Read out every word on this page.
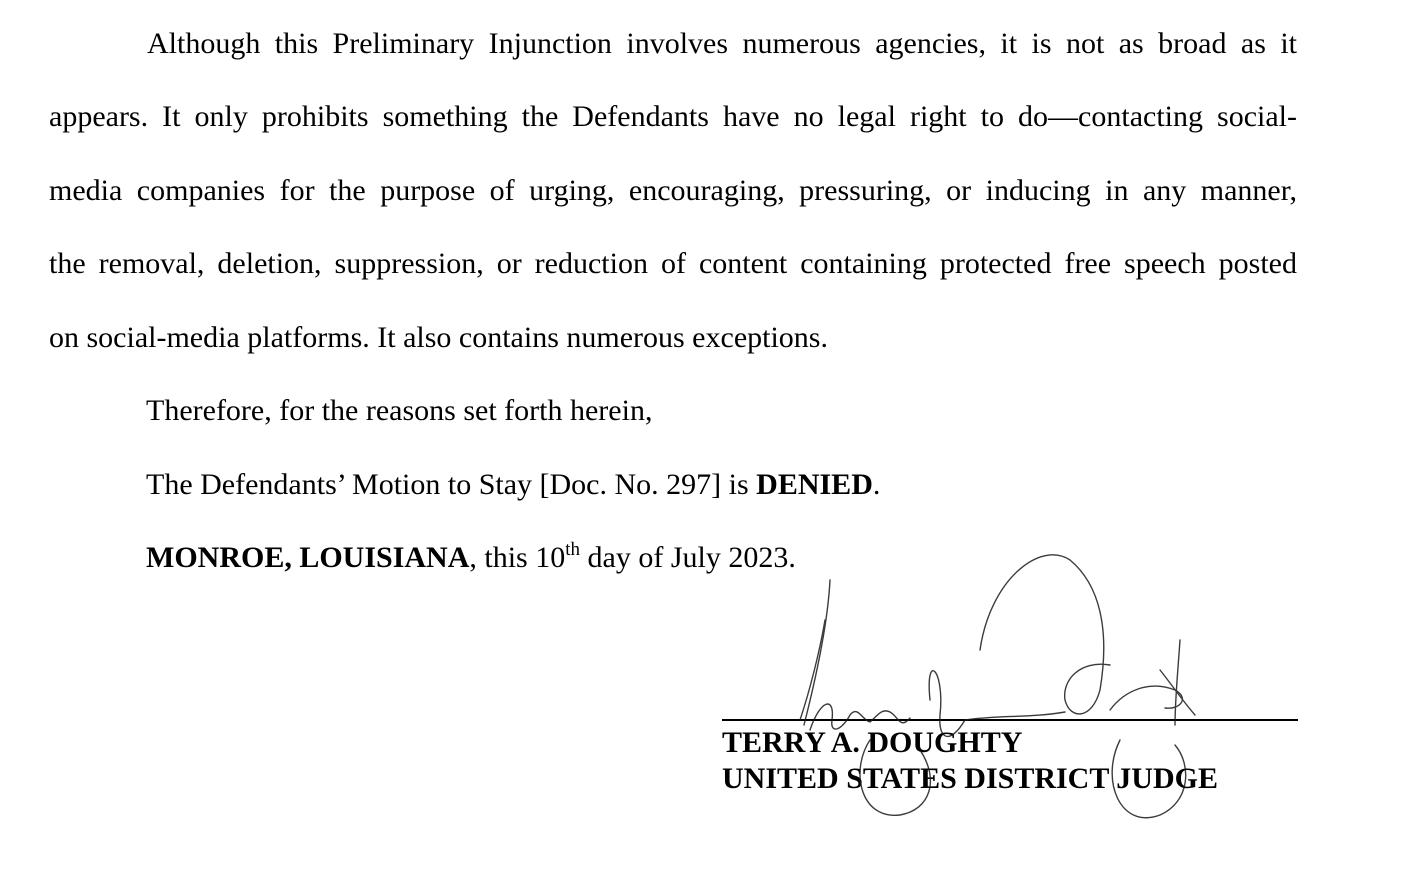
Although this Preliminary Injunction involves numerous agencies, it is not as broad as it
appears. It only prohibits something the Defendants have no legal right to do—contacting social-
media companies for the purpose of urging, encouraging, pressuring, or inducing in any manner,
the removal, deletion, suppression, or reduction of content containing protected free speech posted
on social-media platforms. It also contains numerous exceptions.
Therefore, for the reasons set forth herein,
The Defendants’ Motion to Stay [Doc. No. 297] is DENIED.
MONROE, LOUISIANA, this 10th day of July 2023.
TERRY A. DOUGHTY
UNITED STATES DISTRICT JUDGE
